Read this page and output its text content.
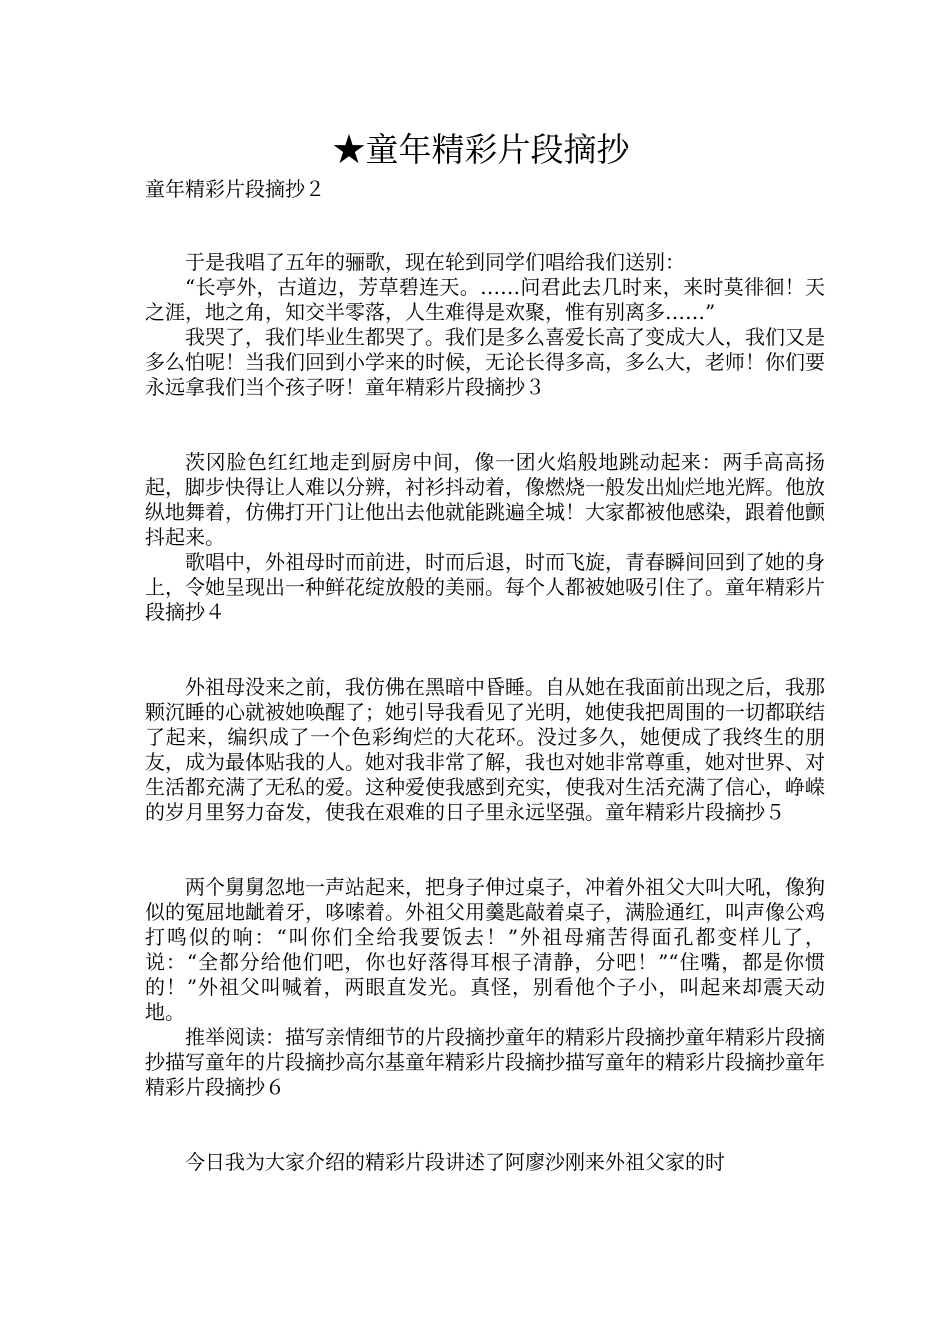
★童年精彩片段摘抄

童年精彩片段摘抄２

于是我唱了五年的骊歌，现在轮到同学们唱给我们送别：

“长亭外，古道边，芳草碧连天。……问君此去几时来，来时莫徘徊！天之涯，地之角，知交半零落，人生难得是欢聚，惟有别离多……”

我哭了，我们毕业生都哭了。我们是多么喜爱长高了变成大人，我们又是多么怕呢！当我们回到小学来的时候，无论长得多高，多么大，老师！你们要永远拿我们当个孩子呀！童年精彩片段摘抄３

茨冈脸色红红地走到厨房中间，像一团火焰般地跳动起来：两手高高扬起，脚步快得让人难以分辨，衬衫抖动着，像燃烧一般发出灿烂地光辉。他放纵地舞着，仿佛打开门让他出去他就能跳遍全城！大家都被他感染，跟着他颤抖起来。

歌唱中，外祖母时而前进，时而后退，时而飞旋，青春瞬间回到了她的身上，令她呈现出一种鲜花绽放般的美丽。每个人都被她吸引住了。童年精彩片段摘抄４

外祖母没来之前，我仿佛在黑暗中昏睡。自从她在我面前出现之后，我那颗沉睡的心就被她唤醒了；她引导我看见了光明，她使我把周围的一切都联结了起来，编织成了一个色彩绚烂的大花环。没过多久，她便成了我终生的朋友，成为最体贴我的人。她对我非常了解，我也对她非常尊重，她对世界、对生活都充满了无私的爱。这种爱使我感到充实，使我对生活充满了信心，峥嵘的岁月里努力奋发，使我在艰难的日子里永远坚强。童年精彩片段摘抄５

两个舅舅忽地一声站起来，把身子伸过桌子，冲着外祖父大叫大吼，像狗似的冤屈地龇着牙，哆嗦着。外祖父用羹匙敲着桌子，满脸通红，叫声像公鸡打鸣似的响：“叫你们全给我要饭去！”外祖母痛苦得面孔都变样儿了，说：“全都分给他们吧，你也好落得耳根子清静，分吧！”“住嘴，都是你惯的！”外祖父叫喊着，两眼直发光。真怪，别看他个子小，叫起来却震天动地。

推举阅读：描写亲情细节的片段摘抄童年的精彩片段摘抄童年精彩片段摘抄描写童年的片段摘抄高尔基童年精彩片段摘抄描写童年的精彩片段摘抄童年精彩片段摘抄６

今日我为大家介绍的精彩片段讲述了阿廖沙刚来外祖父家的时
